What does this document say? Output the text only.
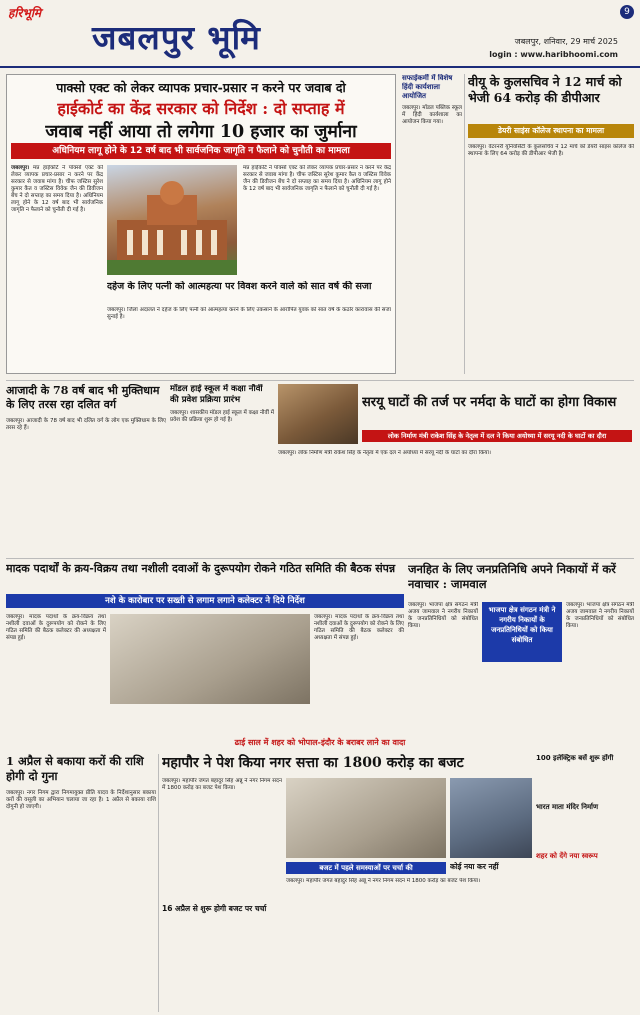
हरिभूमि
जबलपुर भूमि
9
जबलपुर, शनिवार, 29 मार्च 2025
login : www.haribhoomi.com
पाक्सो एक्ट को लेकर व्यापक प्रचार-प्रसार न करने पर जवाब दो
हाईकोर्ट का केंद्र सरकार को निर्देश : दो सप्ताह में
जवाब नहीं आया तो लगेगा 10 हजार का जुर्माना
अधिनियम लागू होने के 12 वर्ष बाद भी सार्वजनिक जागृति न फैलाने को चुनौती का मामला
जबलपुर। मप्र हाईकोर्ट ने पॉक्सो एक्ट को लेकर व्यापक प्रचार-प्रसार न करने पर केंद्र सरकार से जवाब मांगा है। चीफ जस्टिस सुरेश कुमार कैत व जस्टिस विवेक जैन की डिवीजन बेंच ने दो सप्ताह का समय दिया है। अधिनियम लागू होने के 12 वर्ष बाद भी सार्वजनिक जागृति न फैलाने को चुनौती दी गई है।
मप्र हाईकोर्ट ने पॉक्सो एक्ट को लेकर व्यापक प्रचार-प्रसार न करने पर केंद्र सरकार से जवाब मांगा है। चीफ जस्टिस सुरेश कुमार कैत व जस्टिस विवेक जैन की डिवीजन बेंच ने दो सप्ताह का समय दिया है। अधिनियम लागू होने के 12 वर्ष बाद भी सार्वजनिक जागृति न फैलाने को चुनौती दी गई है।
दहेज के लिए पत्नी को आत्महत्या पर विवश करने वाले को सात वर्ष की सजा
जबलपुर। जिला अदालत ने दहेज के लिए पत्नी को आत्महत्या करने के लिए उकसाने के आरोपित युवक को सात वर्ष के कठोर कारावास की सजा सुनाई है।
सफाईकर्मी में विशेष हिंदी कार्यशाला आयोजित
जबलपुर। मॉडल पब्लिक स्कूल में हिंदी कार्यशाला का आयोजन किया गया।
वीयू के कुलसचिव ने 12 मार्च को भेजी 64 करोड़ की डीपीआर
डेयरी साइंस कॉलेज स्थापना का मामला
जबलपुर। वेटरनरी यूनिवर्सिटी के कुलसचिव ने 12 मार्च को डेयरी साइंस कॉलेज की स्थापना के लिए 64 करोड़ की डीपीआर भेजी है।
आजादी के 78 वर्ष बाद भी मुक्तिधाम के लिए तरस रहा दलित वर्ग
जबलपुर। आजादी के 78 वर्ष बाद भी दलित वर्ग के लोग एक मुक्तिधाम के लिए तरस रहे हैं।
मॉडल हाई स्कूल में कक्षा नौवीं की प्रवेश प्रक्रिया प्रारंभ
जबलपुर। शासकीय मॉडल हाई स्कूल में कक्षा नौवीं में प्रवेश की प्रक्रिया शुरू हो गई है।
सरयू घाटों की तर्ज पर नर्मदा के घाटों का होगा विकास
लोक निर्माण मंत्री राकेश सिंह के नेतृत्व में दल ने किया अयोध्या में सरयू नदी के घाटों का दौरा
जबलपुर। लोक निर्माण मंत्री राकेश सिंह के नेतृत्व में एक दल ने अयोध्या में सरयू नदी के घाटों का दौरा किया।
मादक पदार्थों के क्रय-विक्रय तथा नशीली दवाओं के दुरूपयोग रोकने गठित समिति की बैठक संपन्न
नशे के कारोबार पर सख्ती से लगाम लगाने कलेक्टर ने दिये निर्देश
जबलपुर। मादक पदार्थों के क्रय-विक्रय तथा नशीली दवाओं के दुरूपयोग को रोकने के लिए गठित समिति की बैठक कलेक्टर की अध्यक्षता में संपन्न हुई।
जबलपुर। मादक पदार्थों के क्रय-विक्रय तथा नशीली दवाओं के दुरूपयोग को रोकने के लिए गठित समिति की बैठक कलेक्टर की अध्यक्षता में संपन्न हुई।
जनहित के लिए जनप्रतिनिधि अपने निकायों में करें नवाचार : जामवाल
जबलपुर। भाजपा क्षेत्र संगठन मंत्री अजय जामवाल ने नगरीय निकायों के जनप्रतिनिधियों को संबोधित किया।
भाजपा क्षेत्र संगठन मंत्री ने नगरीय निकायों के जनप्रतिनिधियों को किया संबोधित
जबलपुर। भाजपा क्षेत्र संगठन मंत्री अजय जामवाल ने नगरीय निकायों के जनप्रतिनिधियों को संबोधित किया।
ढाई साल में शहर को भोपाल-इंदौर के बराबर लाने का वादा
1 अप्रैल से बकाया करों की राशि होगी दो गुना
जबलपुर। नगर निगम द्वारा निगमायुक्त प्रीति यादव के निर्देशानुसार बकाया करों की वसूली का अभियान चलाया जा रहा है। 1 अप्रैल से बकाया राशि दोगुनी हो जाएगी।
महापौर ने पेश किया नगर सत्ता का 1800 करोड़ का बजट
जबलपुर। महापौर जगत बहादुर सिंह अन्नू ने नगर निगम सदन में 1800 करोड़ का बजट पेश किया।
बजट में पहले समस्याओं पर चर्चा की	कोई नया कर नहीं
16 अप्रैल से शुरू होगी बजट पर चर्चा
जबलपुर। महापौर जगत बहादुर सिंह अन्नू ने नगर निगम सदन में 1800 करोड़ का बजट पेश किया।
100 इलेक्ट्रिक बसें शुरू होंगी
भारत माता मंदिर निर्माण
शहर को देंगे नया स्वरूप
